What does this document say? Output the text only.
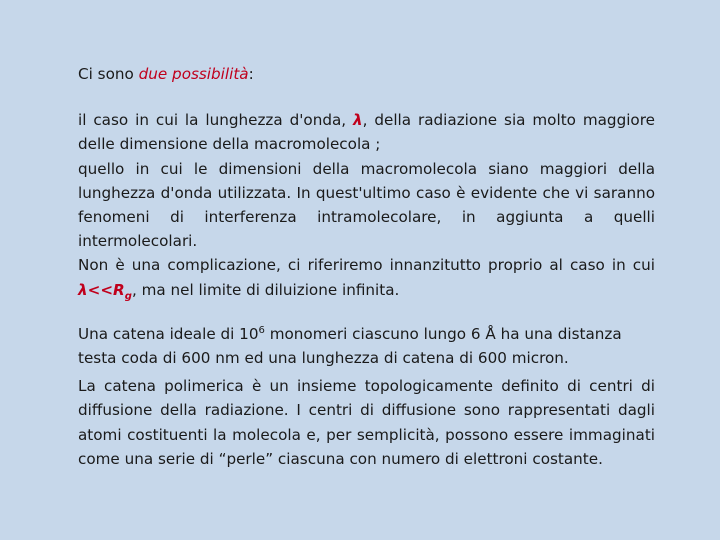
Ci sono due possibilità:

il caso in cui la lunghezza d'onda, λ, della radiazione sia molto maggiore delle dimensione della macromolecola ;

quello in cui le dimensioni della macromolecola siano maggiori della lunghezza d'onda utilizzata. In quest'ultimo caso è evidente che vi saranno fenomeni di interferenza intramolecolare, in aggiunta a quelli intermolecolari.

Non è una complicazione, ci riferiremo innanzitutto proprio al caso in cui $\lambda<<R_g$, ma nel limite di diluizione infinita.

Una catena ideale di $10^6$ monomeri ciascuno lungo 6 Å ha una distanza testa coda di 600 nm ed una lunghezza di catena di 600 micron.

La catena polimerica è un insieme topologicamente definito di centri di diffusione della radiazione. I centri di diffusione sono rappresentati dagli atomi costituenti la molecola e, per semplicità, possono essere immaginati come una serie di “perle” ciascuna con numero di elettroni costante.
